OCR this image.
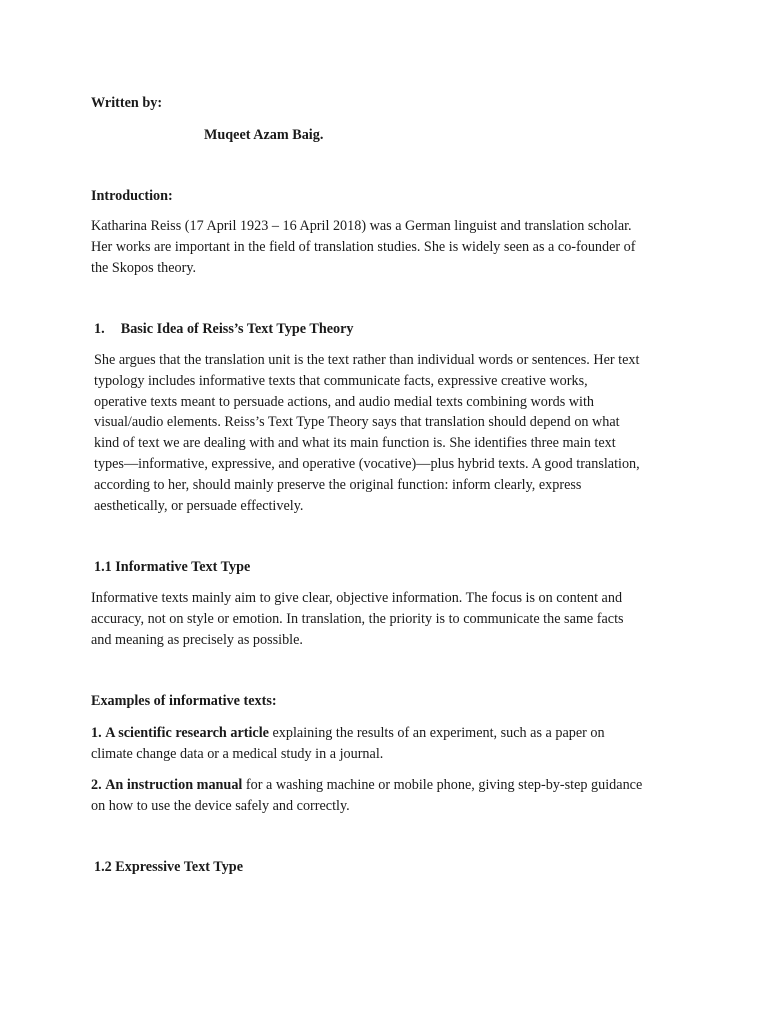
Written by:

Muqeet Azam Baig.

Introduction:

Katharina Reiss (17 April 1923 – 16 April 2018) was a German linguist and translation scholar.
Her works are important in the field of translation studies. She is widely seen as a co-founder of
the Skopos theory.

1. Basic Idea of Reiss’s Text Type Theory

She argues that the translation unit is the text rather than individual words or sentences. Her text
typology includes informative texts that communicate facts, expressive creative works,
operative texts meant to persuade actions, and audio medial texts combining words with
visual/audio elements. Reiss’s Text Type Theory says that translation should depend on what
kind of text we are dealing with and what its main function is. She identifies three main text
types—informative, expressive, and operative (vocative)—plus hybrid texts. A good translation,
according to her, should mainly preserve the original function: inform clearly, express
aesthetically, or persuade effectively.

1.1 Informative Text Type

Informative texts mainly aim to give clear, objective information. The focus is on content and
accuracy, not on style or emotion. In translation, the priority is to communicate the same facts
and meaning as precisely as possible.

Examples of informative texts:

1. A scientific research article explaining the results of an experiment, such as a paper on
climate change data or a medical study in a journal.
2. An instruction manual for a washing machine or mobile phone, giving step-by-step guidance
on how to use the device safely and correctly.

1.2 Expressive Text Type
